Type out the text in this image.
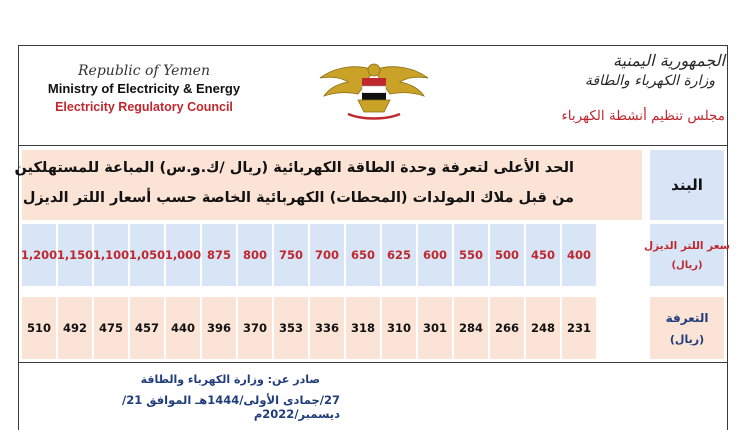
Republic of Yemen
Ministry of Electricity & Energy
Electricity Regulatory Council
الجمهورية اليمنية
وزارة الكهرباء والطاقة
مجلس تنظيم أنشطة الكهرباء
الحد الأعلى لتعرفة وحدة الطاقة الكهربائية (ريال /ك.و.س) المباعة للمستهلكين
من قبل ملاك المولدات (المحطات) الكهربائية الخاصة حسب أسعار اللتر الديزل
البند
1,200 1,150 1,100 1,050 1,000 875	800	750	700	650	625	600	550	500	450	400
سعر اللتر الديزل
(ريال)
510	492	475	457	440	396	370	353	336	318	310	301	284	266	248	231
التعرفة
(ريال)
صادر عن: وزارة الكهرباء والطاقة
27/جمادى الأولى/1444هـ الموافق 21/ديسمبر/2022م
